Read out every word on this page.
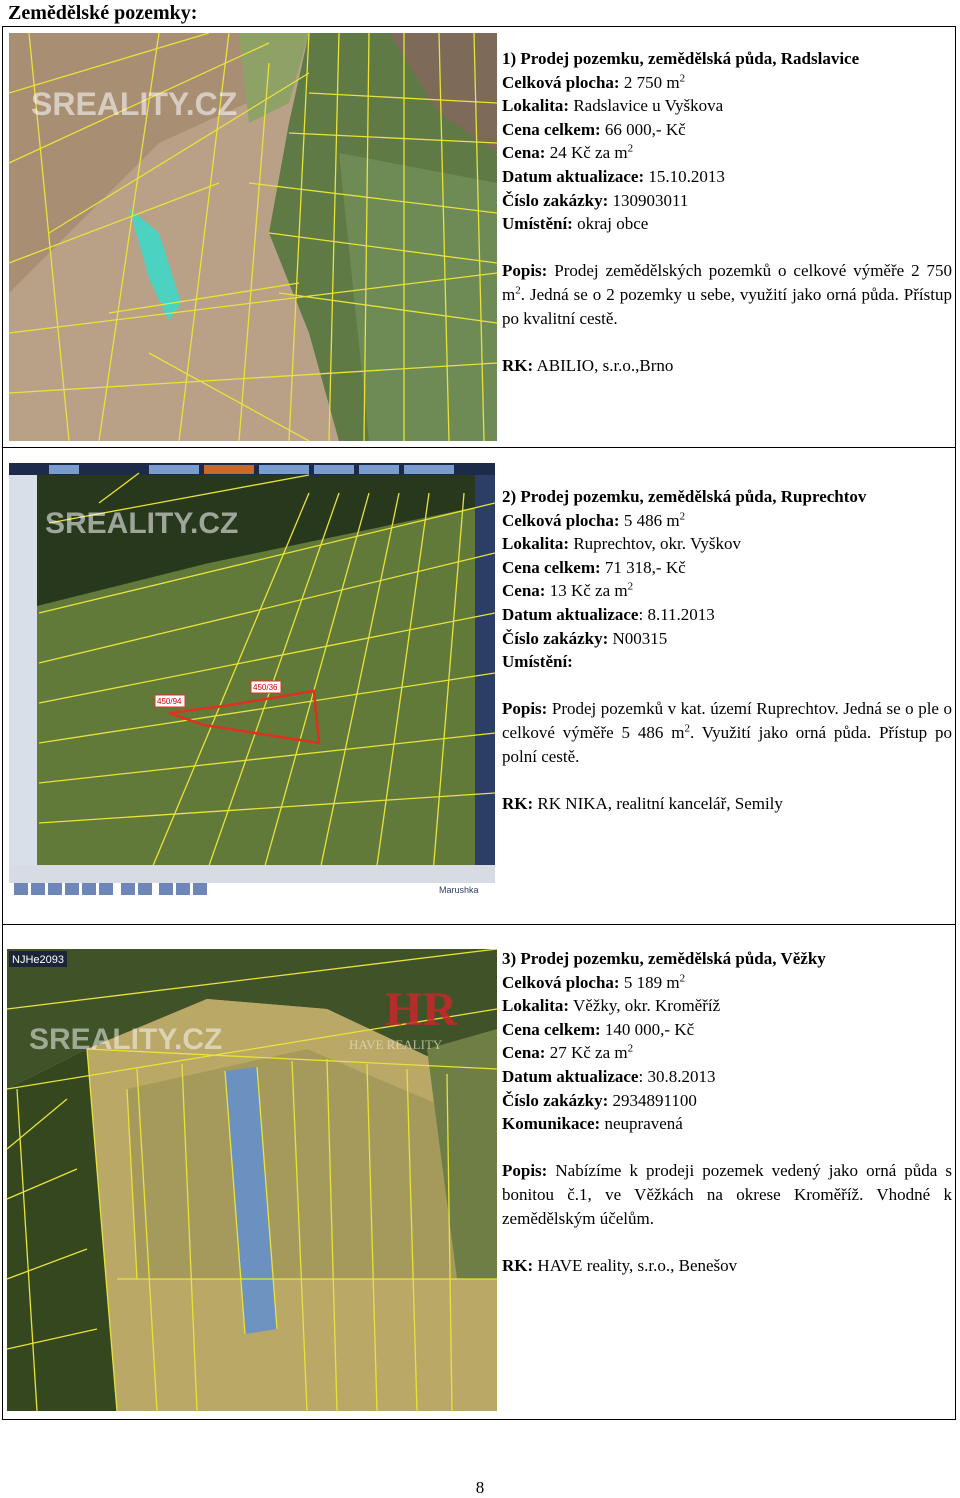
Zemědělské pozemky:
SREALITY.CZ
1) Prodej pozemku, zemědělská půda, Radslavice
Celková plocha: 2 750 $m^2$
Lokalita: Radslavice u Vyškova
Cena celkem: 66 000,- Kč
Cena: 24 Kč za $m^2$
Datum aktualizace: 15.10.2013
Číslo zakázky: 130903011
Umístění: okraj obce
Popis: Prodej zemědělských pozemků o celkové výměře 2 750 $m^2$. Jedná se o 2 pozemky u sebe, využití jako orná půda. Přístup po kvalitní cestě.
RK: ABILIO, s.r.o.,Brno
450/94
450/36
Marushka
SREALITY.CZ
2) Prodej pozemku, zemědělská půda, Ruprechtov
Celková plocha: 5 486 $m^2$
Lokalita: Ruprechtov, okr. Vyškov
Cena celkem: 71 318,- Kč
Cena: 13 Kč za $m^2$
Datum aktualizace: 8.11.2013
Číslo zakázky: N00315
Umístění:
Popis: Prodej pozemků v kat. území Ruprechtov. Jedná se o ple o celkové výměře 5 486 $m^2$. Využití jako orná půda. Přístup po polní cestě.
RK: RK NIKA, realitní kancelář, Semily
NJHe2093
HR
HAVE REALITY
SREALITY.CZ
3) Prodej pozemku, zemědělská půda, Věžky
Celková plocha: 5 189 $m^2$
Lokalita: Věžky, okr. Kroměříž
Cena celkem: 140 000,- Kč
Cena: 27 Kč za $m^2$
Datum aktualizace: 30.8.2013
Číslo zakázky: 2934891100
Komunikace: neupravená
Popis: Nabízíme k prodeji pozemek vedený jako orná půda s bonitou č.1, ve Věžkách na okrese Kroměříž. Vhodné k zemědělským účelům.
RK: HAVE reality, s.r.o., Benešov
8
